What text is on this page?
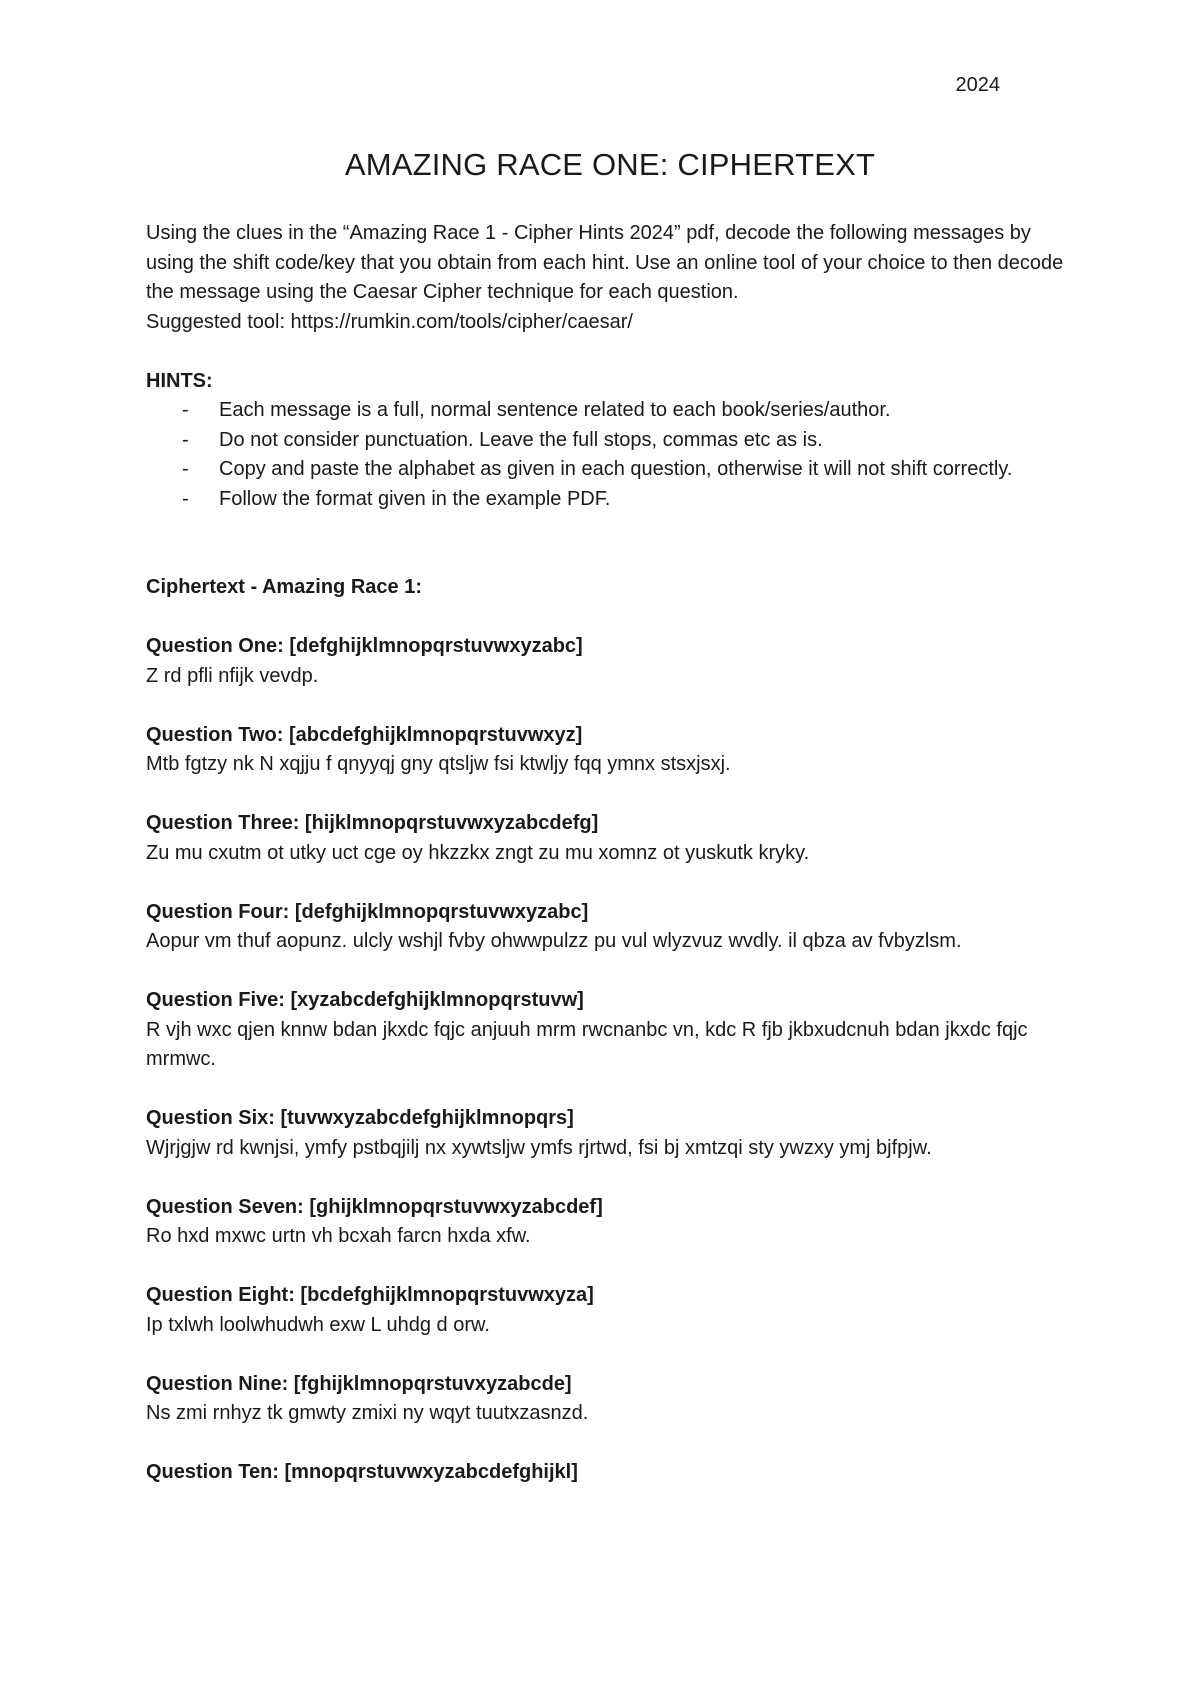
2024
AMAZING RACE ONE: CIPHERTEXT

Using the clues in the “Amazing Race 1 - Cipher Hints 2024” pdf, decode the following messages by using the shift code/key that you obtain from each hint. Use an online tool of your choice to then decode the message using the Caesar Cipher technique for each question.

Suggested tool: https://rumkin.com/tools/cipher/caesar/

HINTS:
- Each message is a full, normal sentence related to each book/series/author.
- Do not consider punctuation. Leave the full stops, commas etc as is.
- Copy and paste the alphabet as given in each question, otherwise it will not shift correctly.
- Follow the format given in the example PDF.
Ciphertext - Amazing Race 1:
Question One: [defghijklmnopqrstuvwxyzabc]

Z rd pfli nfijk vevdp.

Question Two: [abcdefghijklmnopqrstuvwxyz]

Mtb fgtzy nk N xqjju f qnyyqj gny qtsljw fsi ktwljy fqq ymnx stsxjsxj.

Question Three: [hijklmnopqrstuvwxyzabcdefg]

Zu mu cxutm ot utky uct cge oy hkzzkx zngt zu mu xomnz ot yuskutk kryky.

Question Four: [defghijklmnopqrstuvwxyzabc]

Aopur vm thuf aopunz. ulcly wshjl fvby ohwwpulzz pu vul wlyzvuz wvdly. il qbza av fvbyzlsm.

Question Five: [xyzabcdefghijklmnopqrstuvw]

R vjh wxc qjen knnw bdan jkxdc fqjc anjuuh mrm rwcnanbc vn, kdc R fjb jkbxudcnuh bdan jkxdc fqjc mrmwc.

Question Six: [tuvwxyzabcdefghijklmnopqrs]

Wjrjgjw rd kwnjsi, ymfy pstbqjilj nx xywtsljw ymfs rjrtwd, fsi bj xmtzqi sty ywzxy ymj bjfpjw.

Question Seven: [ghijklmnopqrstuvwxyzabcdef]

Ro hxd mxwc urtn vh bcxah farcn hxda xfw.

Question Eight: [bcdefghijklmnopqrstuvwxyza]

Ip txlwh loolwhudwh exw L uhdg d orw.

Question Nine: [fghijklmnopqrstuvxyzabcde]

Ns zmi rnhyz tk gmwty zmixi ny wqyt tuutxzasnzd.

Question Ten: [mnopqrstuvwxyzabcdefghijkl]
